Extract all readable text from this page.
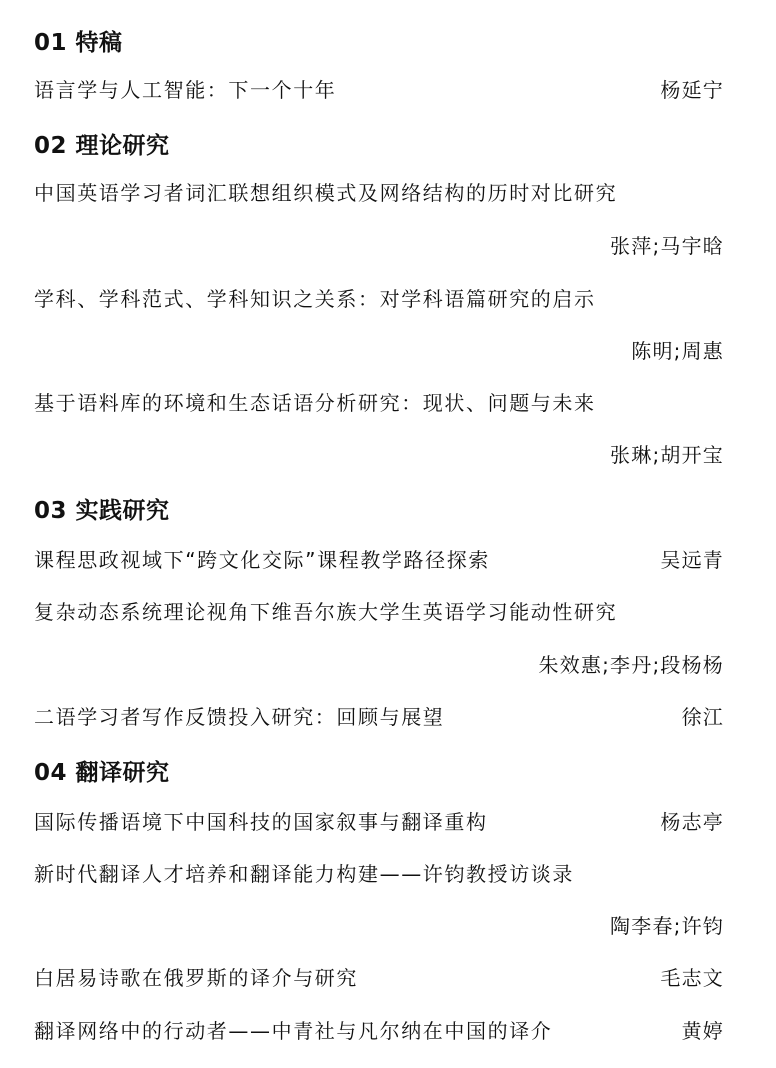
01 特稿
语言学与人工智能：下一个十年	杨延宁
02 理论研究
中国英语学习者词汇联想组织模式及网络结构的历时对比研究
张萍;马宇晗
学科、学科范式、学科知识之关系：对学科语篇研究的启示
陈明;周惠
基于语料库的环境和生态话语分析研究：现状、问题与未来
张琳;胡开宝
03 实践研究
课程思政视域下“跨文化交际”课程教学路径探索	吴远青
复杂动态系统理论视角下维吾尔族大学生英语学习能动性研究
朱效惠;李丹;段杨杨
二语学习者写作反馈投入研究：回顾与展望	徐江
04 翻译研究
国际传播语境下中国科技的国家叙事与翻译重构	杨志亭
新时代翻译人才培养和翻译能力构建——许钧教授访谈录
陶李春;许钧
白居易诗歌在俄罗斯的译介与研究	毛志文
翻译网络中的行动者——中青社与凡尔纳在中国的译介	黄婷
